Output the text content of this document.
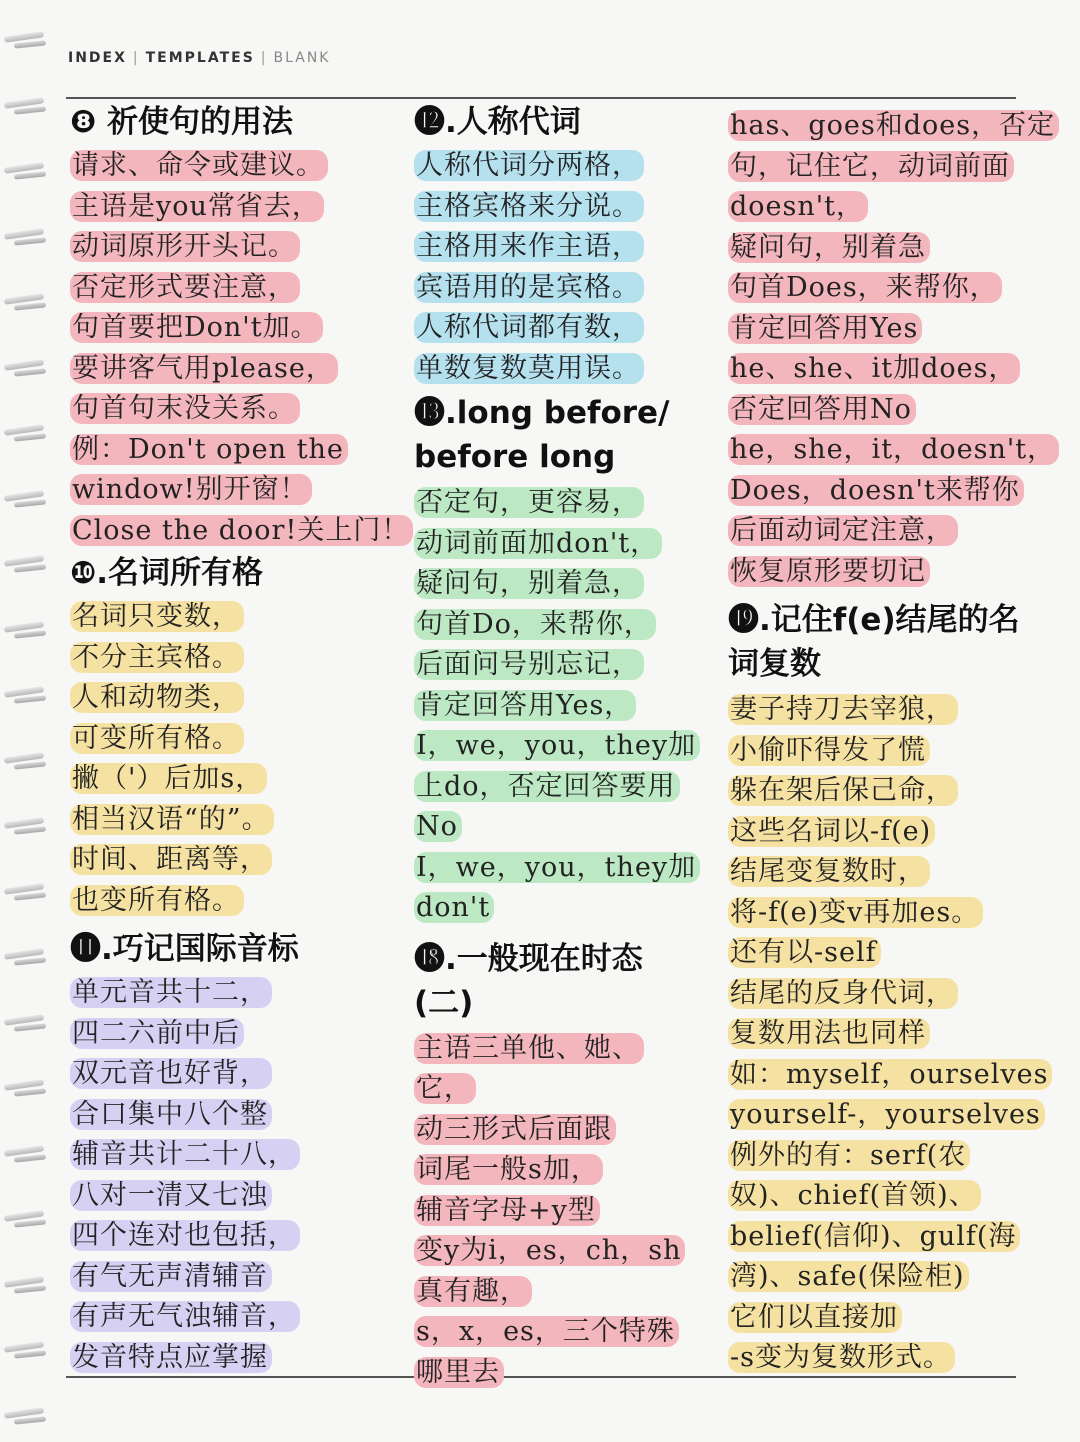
INDEX | TEMPLATES | BLANK
❽ 祈使句的用法
请求、命令或建议。
主语是you常省去，
动词原形开头记。
否定形式要注意，
句首要把Don't加。
要讲客气用please，
句首句末没关系。
例：Don't open the
window!别开窗！
Close the door!关上门！
❿.名词所有格
名词只变数，
不分主宾格。
人和动物类，
可变所有格。
撇（'）后加s，
相当汉语“的”。
时间、距离等，
也变所有格。
⓫.巧记国际音标
单元音共十二，
四二六前中后
双元音也好背，
合口集中八个整
辅音共计二十八，
八对一清又七浊
四个连对也包括，
有气无声清辅音
有声无气浊辅音，
发音特点应掌握
⓬.人称代词
人称代词分两格，
主格宾格来分说。
主格用来作主语，
宾语用的是宾格。
人称代词都有数，
单数复数莫用误。
⓭.long before/ before long
否定句，更容易，
动词前面加don't，
疑问句，别着急，
句首Do，来帮你，
后面问号别忘记，
肯定回答用Yes，
I，we，you，they加
上do，否定回答要用
No
I，we，you，they加
don't
⓲.一般现在时态 (二)
主语三单他、她、
它，
动三形式后面跟
词尾一般s加，
辅音字母+y型
变y为i，es，ch，sh
真有趣，
s，x，es，三个特殊
哪里去
has、goes和does，否定
句，记住它，动词前面
doesn't，
疑问句，别着急
句首Does，来帮你，
肯定回答用Yes
he、she、it加does，
否定回答用No
he，she，it，doesn't，
Does，doesn't来帮你
后面动词定注意，
恢复原形要切记
⓳.记住f(e)结尾的名词复数
妻子持刀去宰狼，
小偷吓得发了慌
躲在架后保己命，
这些名词以-f(e)
结尾变复数时，
将-f(e)变v再加es。
还有以-self
结尾的反身代词，
复数用法也同样
如：myself，ourselves
yourself-，yourselves
例外的有：serf(农
奴)、chief(首领)、
belief(信仰)、gulf(海
湾)、safe(保险柜)
它们以直接加
-s变为复数形式。
